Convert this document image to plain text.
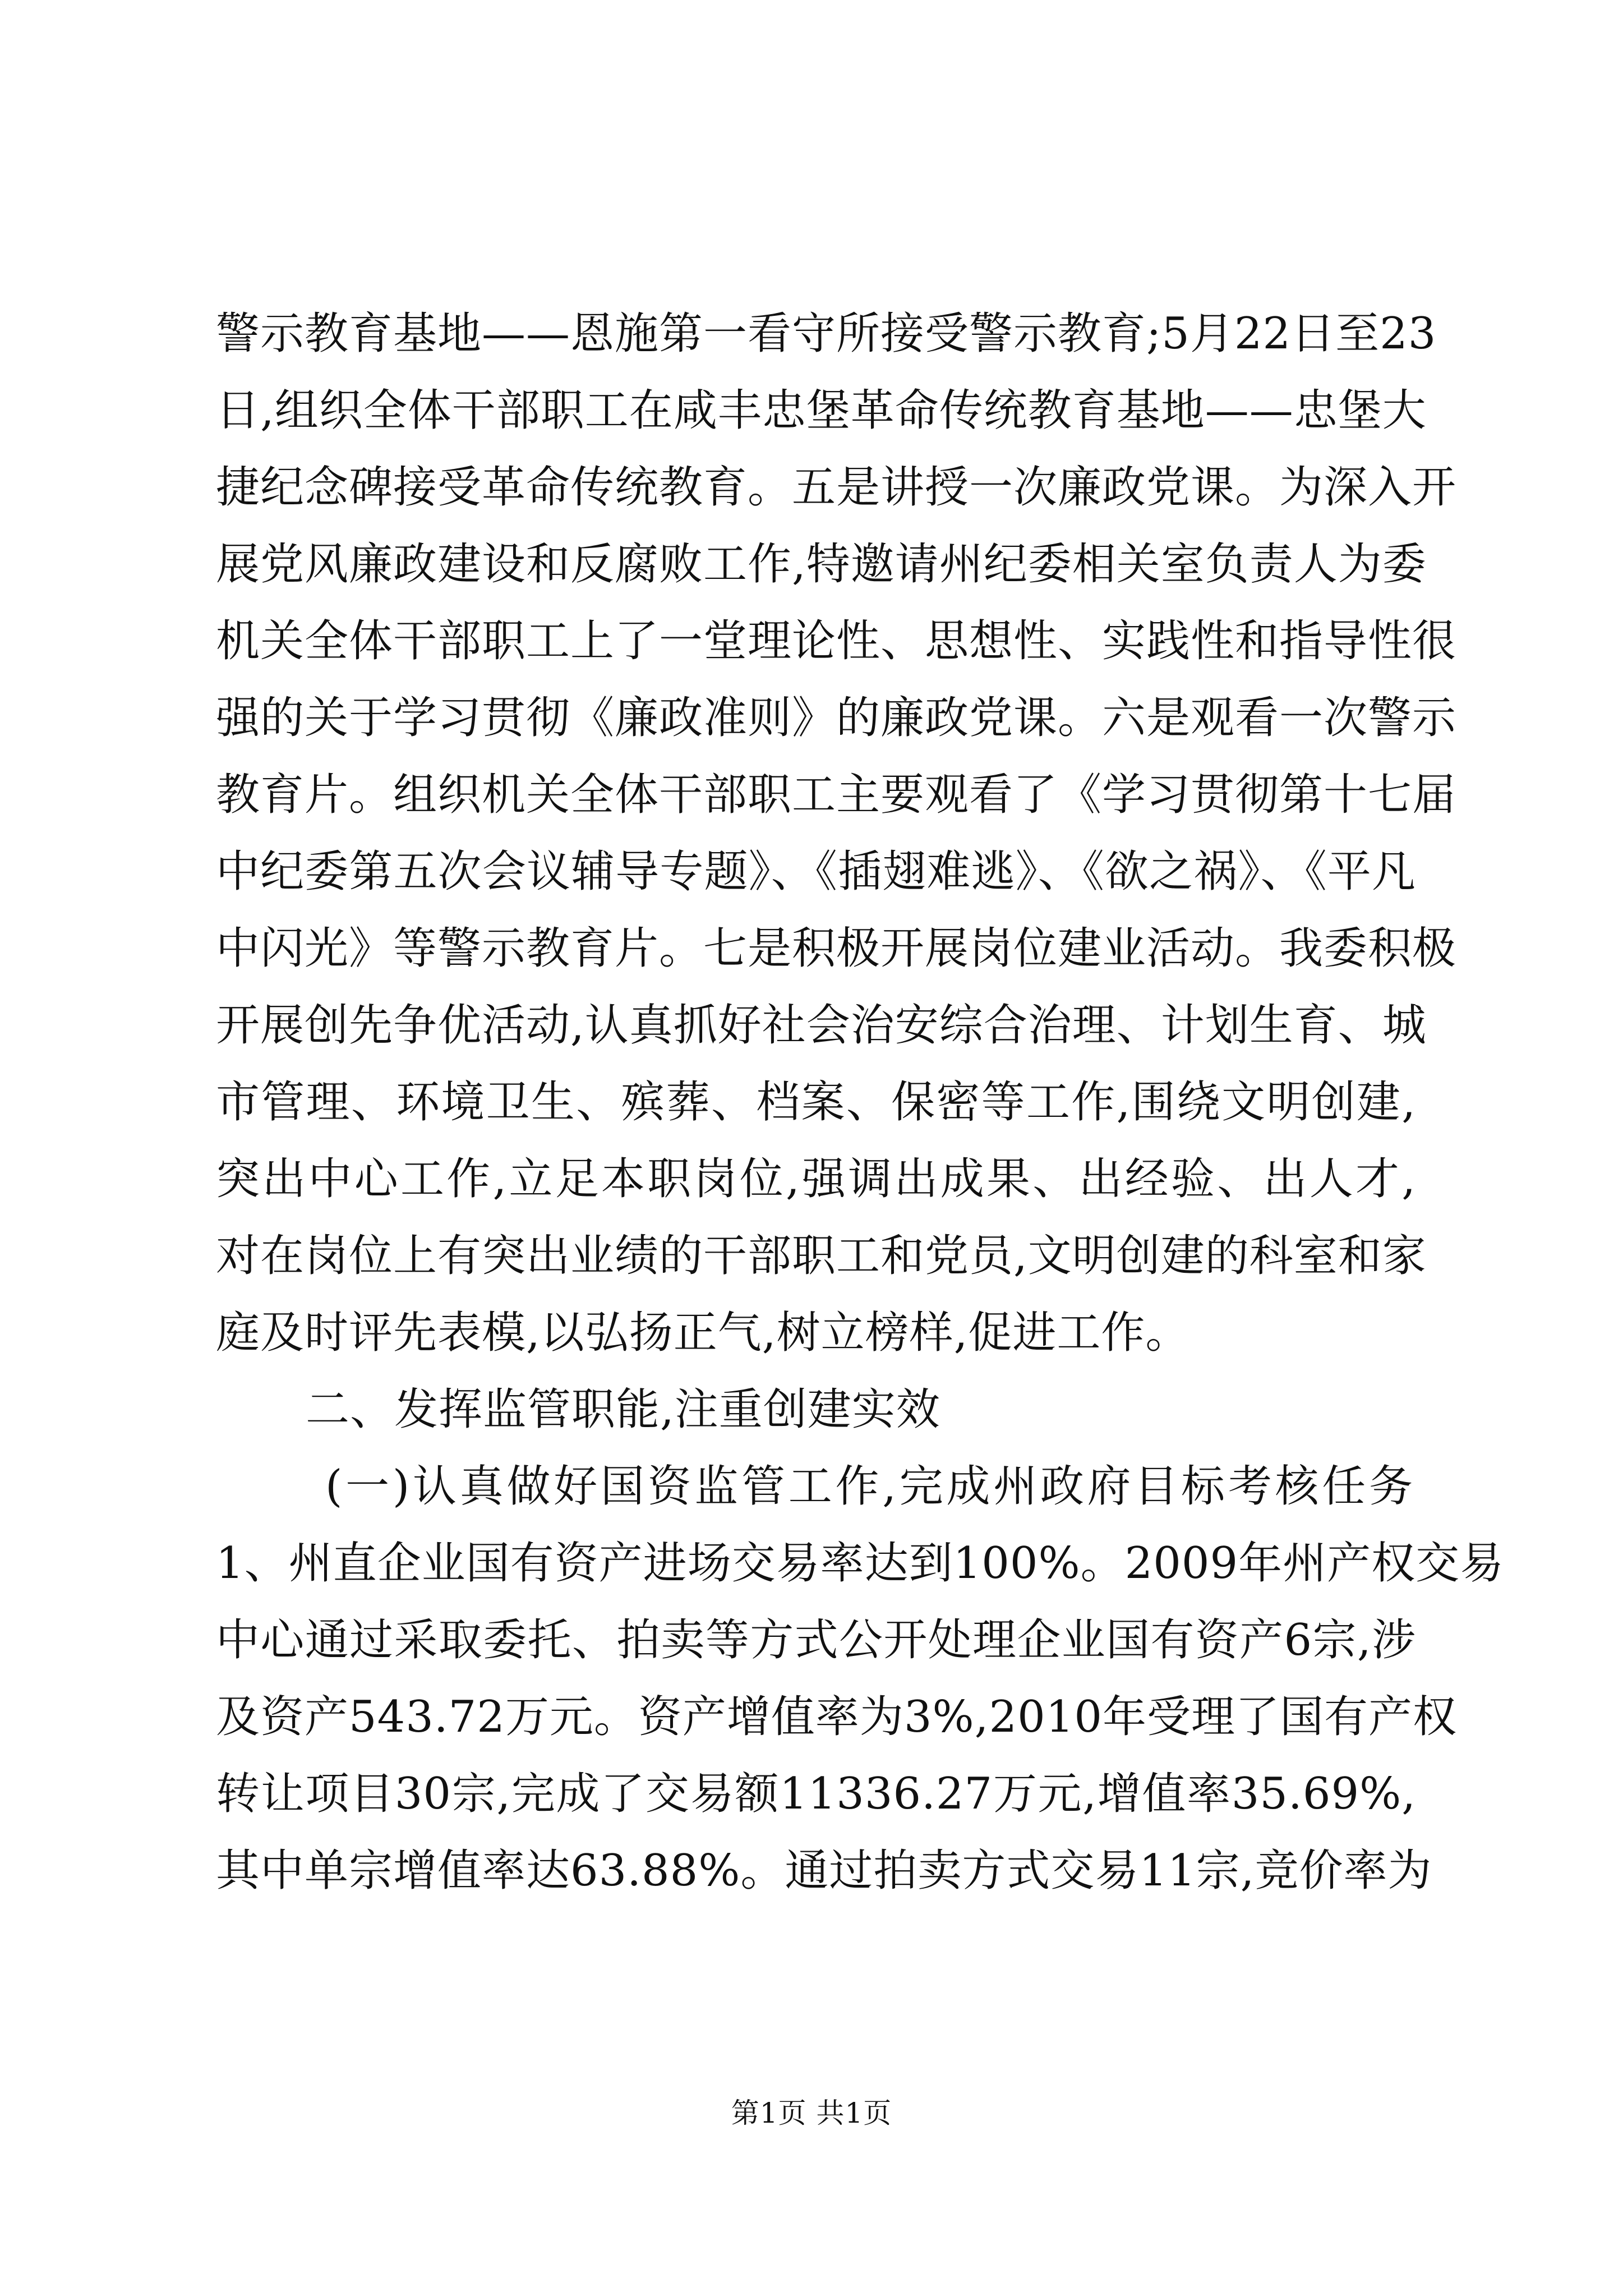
警示教育基地——恩施第一看守所接受警示教育;5月22日至23
日,组织全体干部职工在咸丰忠堡革命传统教育基地——忠堡大
捷纪念碑接受革命传统教育。五是讲授一次廉政党课。为深入开
展党风廉政建设和反腐败工作,特邀请州纪委相关室负责人为委
机关全体干部职工上了一堂理论性、思想性、实践性和指导性很
强的关于学习贯彻《廉政准则》的廉政党课。六是观看一次警示
教育片。组织机关全体干部职工主要观看了《学习贯彻第十七届
中纪委第五次会议辅导专题》、《插翅难逃》、《欲之祸》、《平凡
中闪光》等警示教育片。七是积极开展岗位建业活动。我委积极
开展创先争优活动,认真抓好社会治安综合治理、计划生育、城
市管理、环境卫生、殡葬、档案、保密等工作,围绕文明创建,
突出中心工作,立足本职岗位,强调出成果、出经验、出人才,
对在岗位上有突出业绩的干部职工和党员,文明创建的科室和家
庭及时评先表模,以弘扬正气,树立榜样,促进工作。
二、发挥监管职能,注重创建实效
(一)认真做好国资监管工作,完成州政府目标考核任务
1、州直企业国有资产进场交易率达到100%。2009年州产权交易
中心通过采取委托、拍卖等方式公开处理企业国有资产6宗,涉
及资产543.72万元。资产增值率为3%,2010年受理了国有产权
转让项目30宗,完成了交易额11336.27万元,增值率35.69%,
其中单宗增值率达63.88%。通过拍卖方式交易11宗,竞价率为
第1页 共1页
